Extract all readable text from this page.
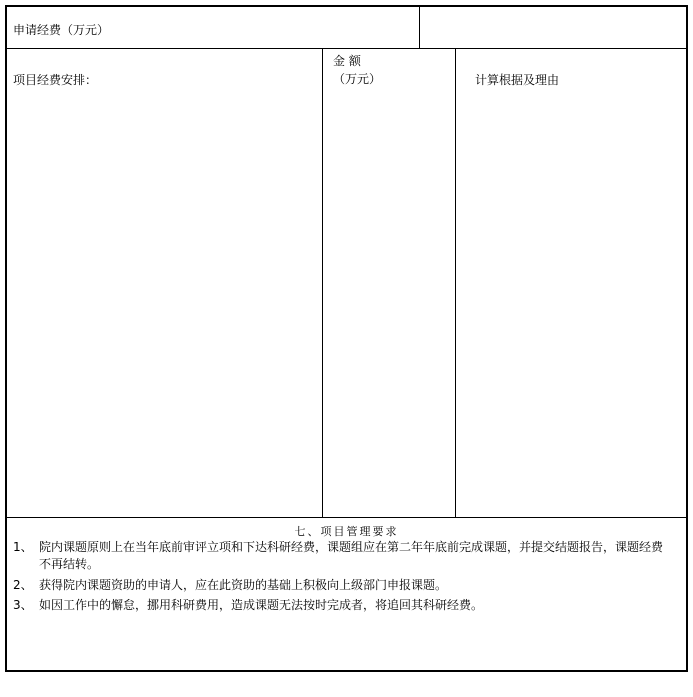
申请经费（万元）
项目经费安排：
金 额
（万元）	计算根据及理由
七、项目管理要求
1、 院内课题原则上在当年底前审评立项和下达科研经费，课题组应在第二年年底前完成课题，并提交结题报告，课题经费不再结转。
2、 获得院内课题资助的申请人，应在此资助的基础上积极向上级部门申报课题。
3、 如因工作中的懈怠，挪用科研费用，造成课题无法按时完成者，将追回其科研经费。
